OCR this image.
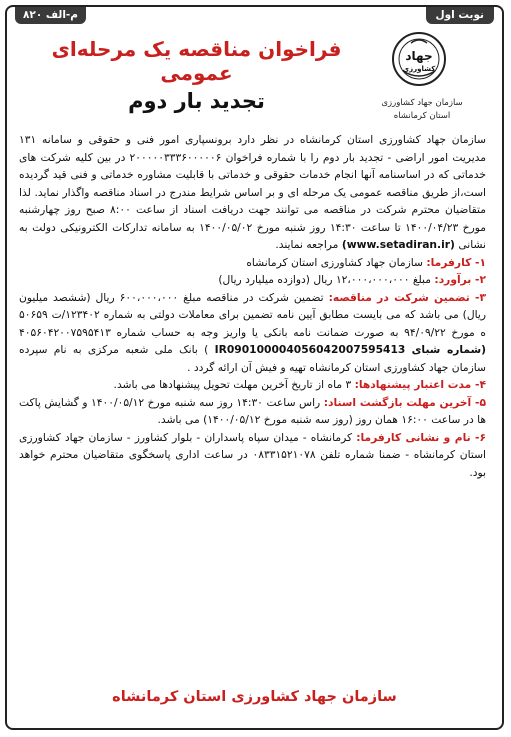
م-الف ۸۲۰	نوبت اول
جهاد
کشاورزی
سازمان جهاد کشاورزی
استان کرمانشاه
فراخوان مناقصه یک مرحله‌ای عمومی
تجدید بار دوم

سازمان جهاد کشاورزی استان کرمانشاه در نظر دارد برونسپاری امور فنی و حقوقی و سامانه ۱۳۱ مدیریت امور اراضی - تجدید بار دوم را با شماره فراخوان ۲۰۰۰۰۰۳۳۳۶۰۰۰۰۰۶ در بین کلیه شرکت های خدماتی که در اساسنامه آنها انجام خدمات حقوقی و خدماتی با قابلیت مشاوره خدماتی و فنی قید گردیده است،از طریق مناقصه عمومی یک مرحله ای و بر اساس شرایط مندرج در اسناد مناقصه واگذار نماید. لذا متقاضیان محترم شرکت در مناقصه می توانند جهت دریافت اسناد از ساعت ۸:۰۰ صبح روز چهارشنبه مورخ ۱۴۰۰/۰۴/۲۳ تا ساعت ۱۴:۳۰ روز شنبه مورخ ۱۴۰۰/۰۵/۰۲ به سامانه تدارکات الکترونیکی دولت به نشانی (www.setadiran.ir) مراجعه نمایند.

۱- کارفرما: سازمان جهاد کشاورزی استان کرمانشاه

۲- برآورد: مبلغ ۱۲،۰۰۰،۰۰۰،۰۰۰ ریال (دوازده میلیارد ریال)

۳- تضمین شرکت در مناقصه: تضمین شرکت در مناقصه مبلغ ۶۰۰،۰۰۰،۰۰۰ ریال (ششصد میلیون ریال) می باشد که می بایست مطابق آیین نامه تضمین برای معاملات دولتی به شماره ۱۲۳۴۰۲/ت ۵۰۶۵۹ ه مورخ ۹۴/۰۹/۲۲ به صورت ضمانت نامه بانکی یا واریز وجه به حساب شماره ۴۰۵۶۰۴۲۰۰۷۵۹۵۴۱۳ (شماره شبای IR090100004056042007595413 ) بانک ملی شعبه مرکزی به نام سپرده سازمان جهاد کشاورزی استان کرمانشاه تهیه و فیش آن ارائه گردد .

۴- مدت اعتبار پیشنهادها: ۳ ماه از تاریخ آخرین مهلت تحویل پیشنهادها می باشد.

۵- آخرین مهلت بازگشت اسناد: راس ساعت ۱۴:۳۰ روز سه شنبه مورخ ۱۴۰۰/۰۵/۱۲ و گشایش پاکت ها در ساعت ۱۶:۰۰ همان روز (روز سه شنبه مورخ ۱۴۰۰/۰۵/۱۲) می باشد.

۶- نام و نشانی کارفرما: کرمانشاه - میدان سپاه پاسداران - بلوار کشاورز - سازمان جهاد کشاورزی استان کرمانشاه - ضمنا شماره تلفن ۰۸۳۳۱۵۲۱۰۷۸ در ساعت اداری پاسخگوی متقاضیان محترم خواهد بود.

سازمان جهاد کشاورزی استان کرمانشاه
